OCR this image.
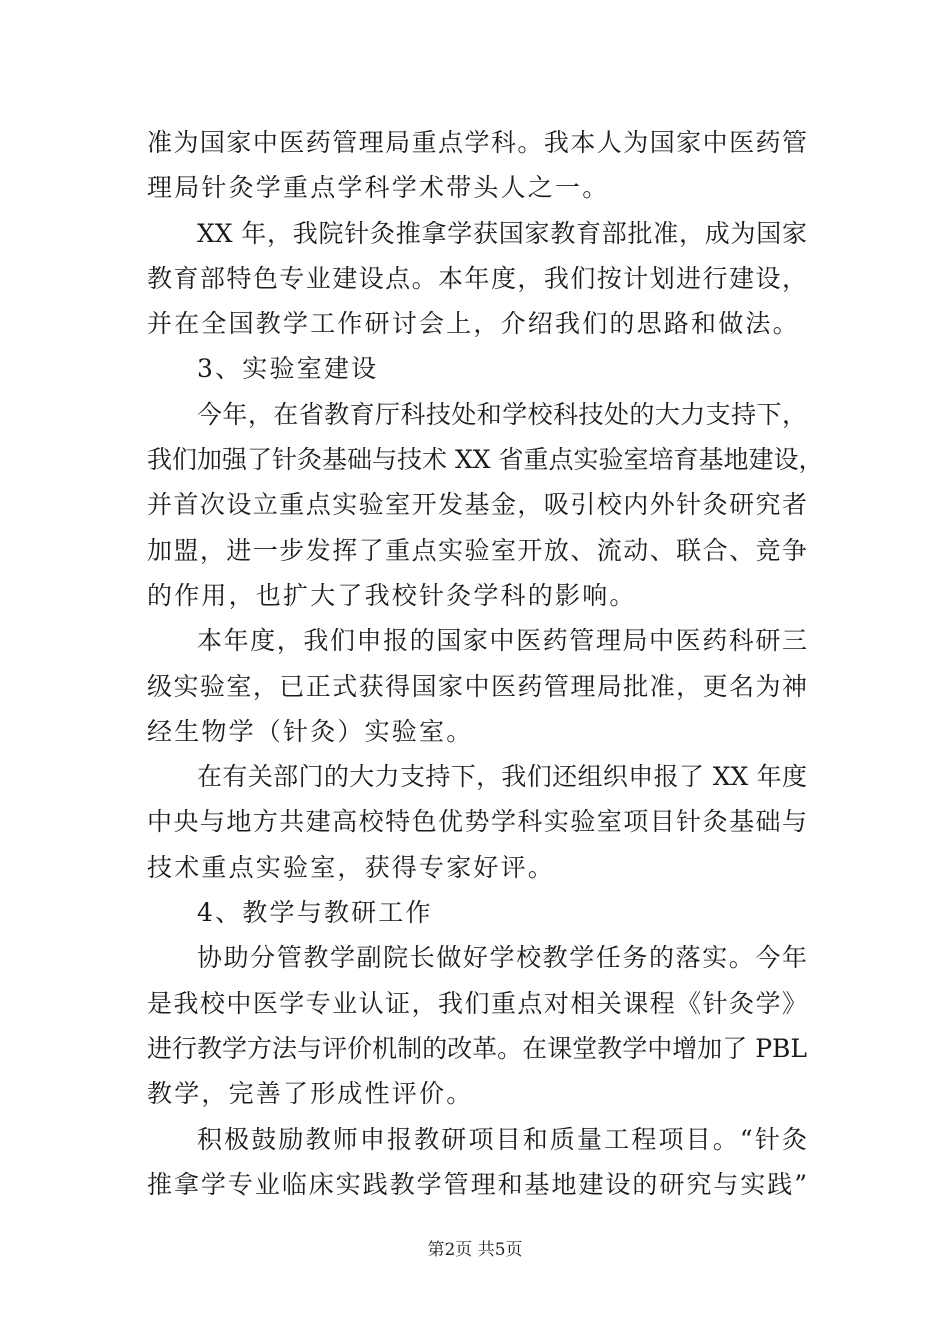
准为国家中医药管理局重点学科。我本人为国家中医药管
理局针灸学重点学科学术带头人之一。
XX 年，我院针灸推拿学获国家教育部批准，成为国家
教育部特色专业建设点。本年度，我们按计划进行建设，
并在全国教学工作研讨会上，介绍我们的思路和做法。
3、实验室建设
今年，在省教育厅科技处和学校科技处的大力支持下，
我们加强了针灸基础与技术 XX 省重点实验室培育基地建设，
并首次设立重点实验室开发基金，吸引校内外针灸研究者
加盟，进一步发挥了重点实验室开放、流动、联合、竞争
的作用，也扩大了我校针灸学科的影响。
本年度，我们申报的国家中医药管理局中医药科研三
级实验室，已正式获得国家中医药管理局批准，更名为神
经生物学（针灸）实验室。
在有关部门的大力支持下，我们还组织申报了 XX 年度
中央与地方共建高校特色优势学科实验室项目针灸基础与
技术重点实验室，获得专家好评。
4、教学与教研工作
协助分管教学副院长做好学校教学任务的落实。今年
是我校中医学专业认证，我们重点对相关课程《针灸学》
进行教学方法与评价机制的改革。在课堂教学中增加了 PBL
教学，完善了形成性评价。
积极鼓励教师申报教研项目和质量工程项目。“针灸
推拿学专业临床实践教学管理和基地建设的研究与实践”
第2页 共5页
